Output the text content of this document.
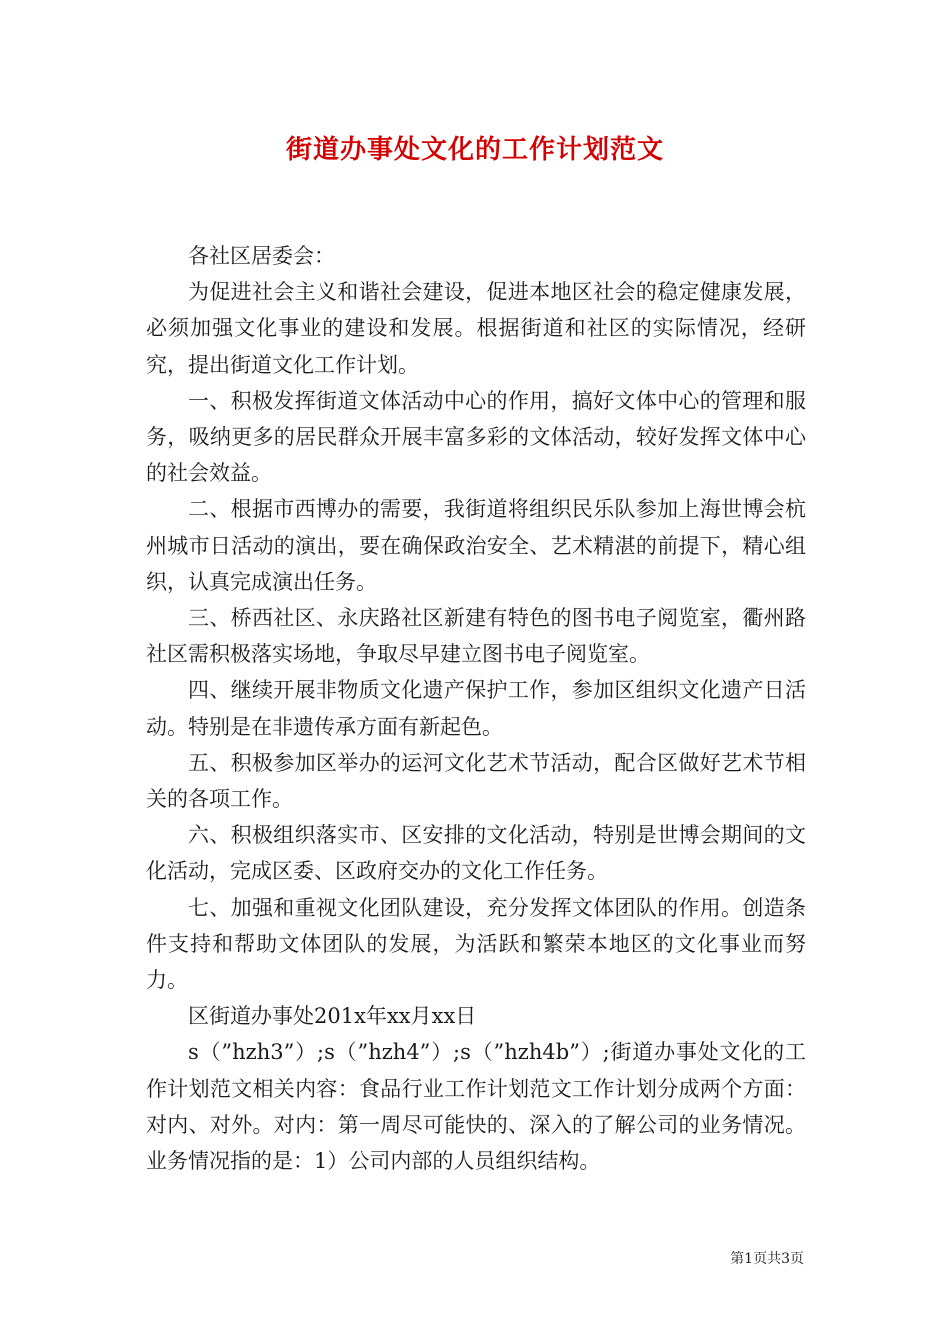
街道办事处文化的工作计划范文

各社区居委会：

为促进社会主义和谐社会建设，促进本地区社会的稳定健康发展，必须加强文化事业的建设和发展。根据街道和社区的实际情况，经研究，提出街道文化工作计划。

一、积极发挥街道文体活动中心的作用，搞好文体中心的管理和服务，吸纳更多的居民群众开展丰富多彩的文体活动，较好发挥文体中心的社会效益。

二、根据市西博办的需要，我街道将组织民乐队参加上海世博会杭州城市日活动的演出，要在确保政治安全、艺术精湛的前提下，精心组织，认真完成演出任务。

三、桥西社区、永庆路社区新建有特色的图书电子阅览室，衢州路社区需积极落实场地，争取尽早建立图书电子阅览室。

四、继续开展非物质文化遗产保护工作，参加区组织文化遗产日活动。特别是在非遗传承方面有新起色。

五、积极参加区举办的运河文化艺术节活动，配合区做好艺术节相关的各项工作。

六、积极组织落实市、区安排的文化活动，特别是世博会期间的文化活动，完成区委、区政府交办的文化工作任务。

七、加强和重视文化团队建设，充分发挥文体团队的作用。创造条件支持和帮助文体团队的发展，为活跃和繁荣本地区的文化事业而努力。

区街道办事处201x年xx月xx日

s（”hzh3”）;s（”hzh4”）;s（”hzh4b”）;街道办事处文化的工作计划范文相关内容：食品行业工作计划范文工作计划分成两个方面：对内、对外。对内：第一周尽可能快的、深入的了解公司的业务情况。业务情况指的是：1）公司内部的人员组织结构。

第1页共3页
